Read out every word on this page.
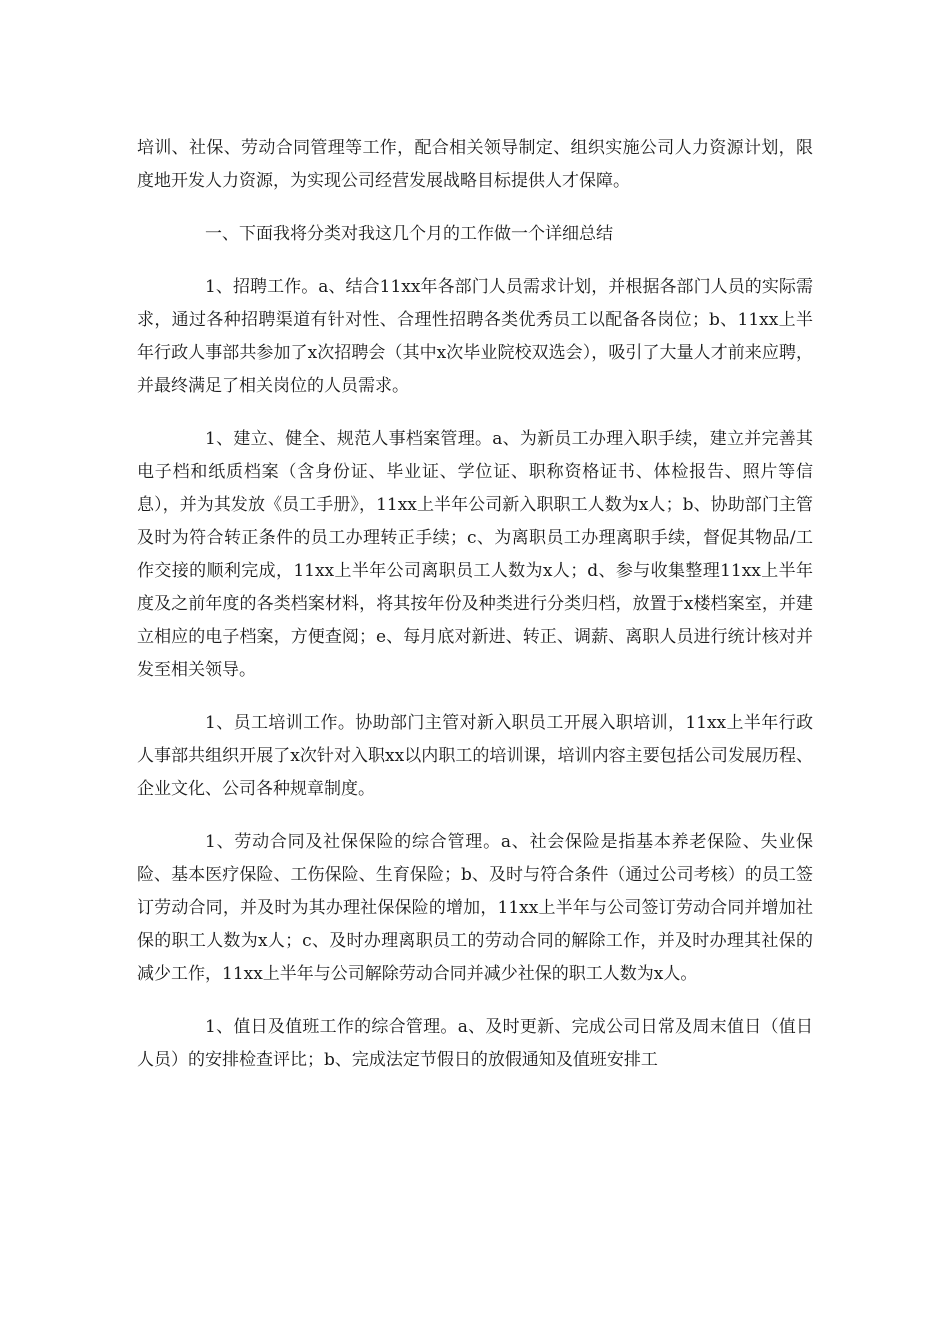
培训、社保、劳动合同管理等工作，配合相关领导制定、组织实施公司人力资源计划，限度地开发人力资源，为实现公司经营发展战略目标提供人才保障。

一、下面我将分类对我这几个月的工作做一个详细总结

1、招聘工作。a、结合11xx年各部门人员需求计划，并根据各部门人员的实际需求，通过各种招聘渠道有针对性、合理性招聘各类优秀员工以配备各岗位；b、11xx上半年行政人事部共参加了x次招聘会（其中x次毕业院校双选会），吸引了大量人才前来应聘，并最终满足了相关岗位的人员需求。

1、建立、健全、规范人事档案管理。a、为新员工办理入职手续，建立并完善其电子档和纸质档案（含身份证、毕业证、学位证、职称资格证书、体检报告、照片等信息），并为其发放《员工手册》，11xx上半年公司新入职职工人数为x人；b、协助部门主管及时为符合转正条件的员工办理转正手续；c、为离职员工办理离职手续，督促其物品/工作交接的顺利完成，11xx上半年公司离职员工人数为x人；d、参与收集整理11xx上半年度及之前年度的各类档案材料，将其按年份及种类进行分类归档，放置于x楼档案室，并建立相应的电子档案，方便查阅；e、每月底对新进、转正、调薪、离职人员进行统计核对并发至相关领导。

1、员工培训工作。协助部门主管对新入职员工开展入职培训，11xx上半年行政人事部共组织开展了x次针对入职xx以内职工的培训课，培训内容主要包括公司发展历程、企业文化、公司各种规章制度。

1、劳动合同及社保保险的综合管理。a、社会保险是指基本养老保险、失业保险、基本医疗保险、工伤保险、生育保险；b、及时与符合条件（通过公司考核）的员工签订劳动合同，并及时为其办理社保保险的增加，11xx上半年与公司签订劳动合同并增加社保的职工人数为x人；c、及时办理离职员工的劳动合同的解除工作，并及时办理其社保的减少工作，11xx上半年与公司解除劳动合同并减少社保的职工人数为x人。

1、值日及值班工作的综合管理。a、及时更新、完成公司日常及周末值日（值日人员）的安排检查评比；b、完成法定节假日的放假通知及值班安排工
